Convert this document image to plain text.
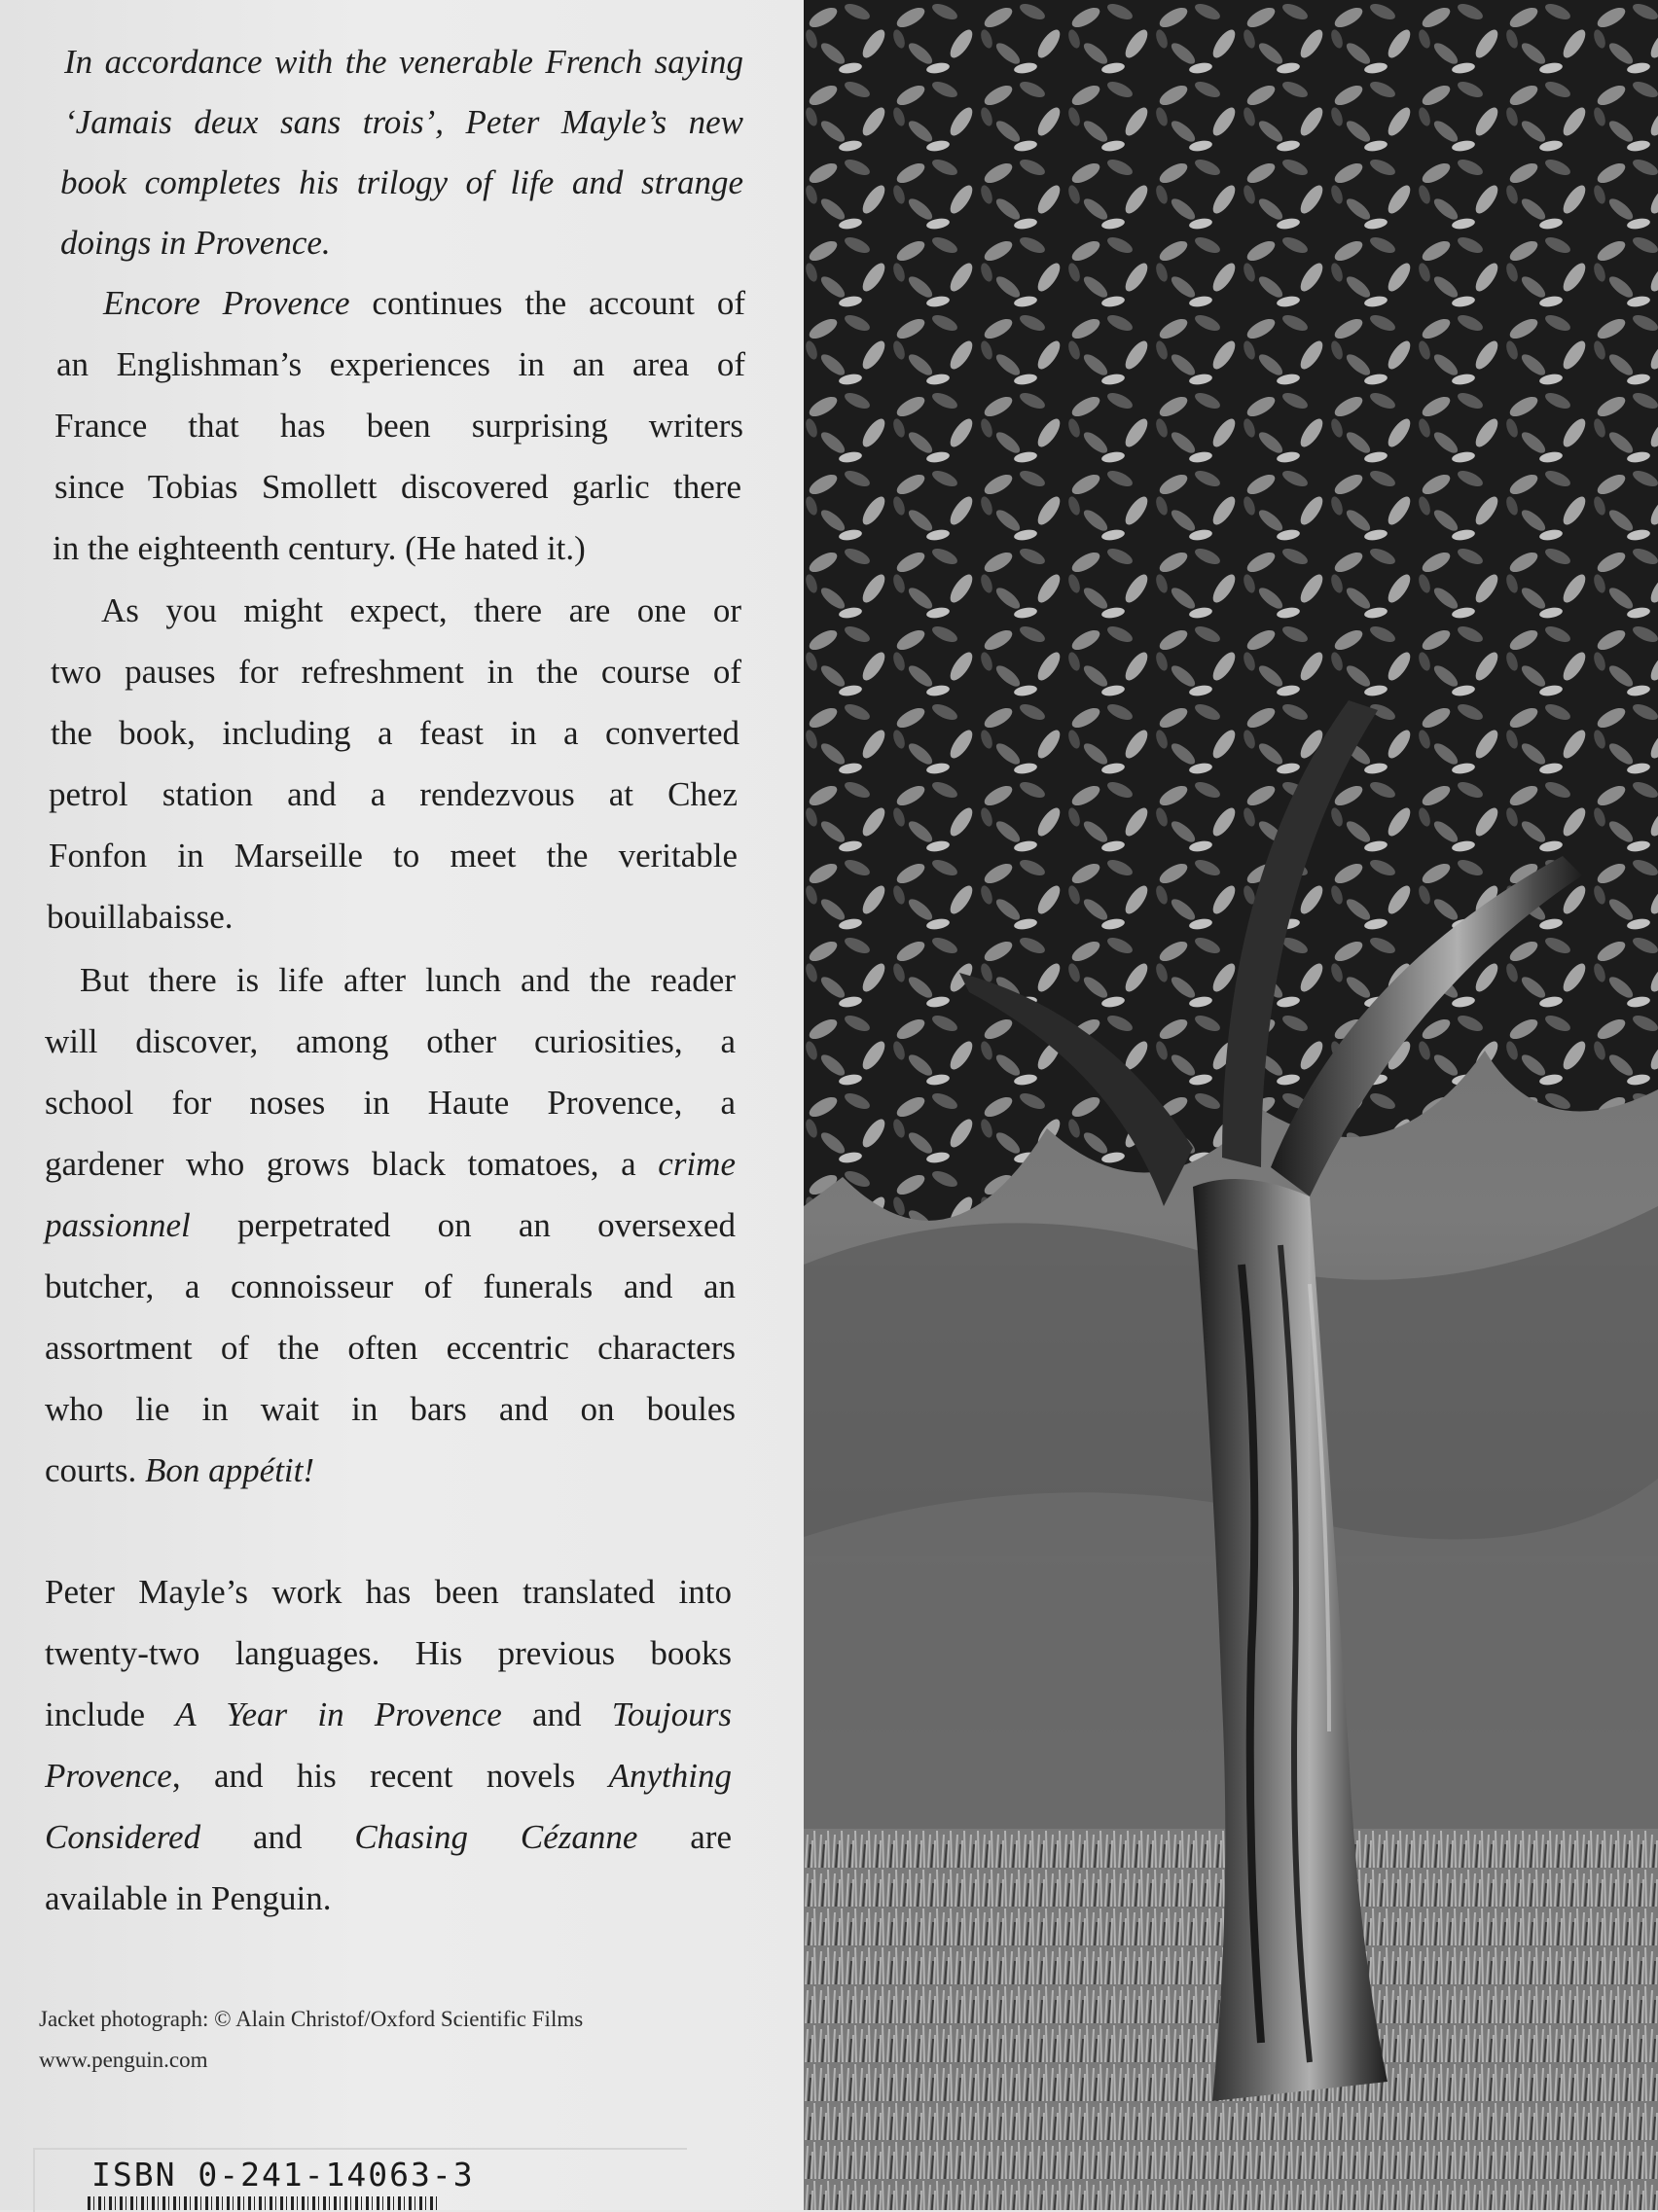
In accordance with the venerable French saying
‘Jamais deux sans trois’, Peter Mayle’s new
book completes his trilogy of life and strange
doings in Provence.
Encore Provence continues the account of
an Englishman’s experiences in an area of
France that has been surprising writers
since Tobias Smollett discovered garlic there
in the eighteenth century. (He hated it.)
As you might expect, there are one or
two pauses for refreshment in the course of
the book, including a feast in a converted
petrol station and a rendezvous at Chez
Fonfon in Marseille to meet the veritable
bouillabaisse.
But there is life after lunch and the reader
will discover, among other curiosities, a
school for noses in Haute Provence, a
gardener who grows black tomatoes, a crime
passionnel perpetrated on an oversexed
butcher, a connoisseur of funerals and an
assortment of the often eccentric characters
who lie in wait in bars and on boules
courts. Bon appétit!
Peter Mayle’s work has been translated into
twenty-two languages. His previous books
include A Year in Provence and Toujours
Provence, and his recent novels Anything
Considered and Chasing Cézanne are
available in Penguin.
Jacket photograph: © Alain Christof/Oxford Scientific Films
www.penguin.com
ISBN 0-241-14063-3
